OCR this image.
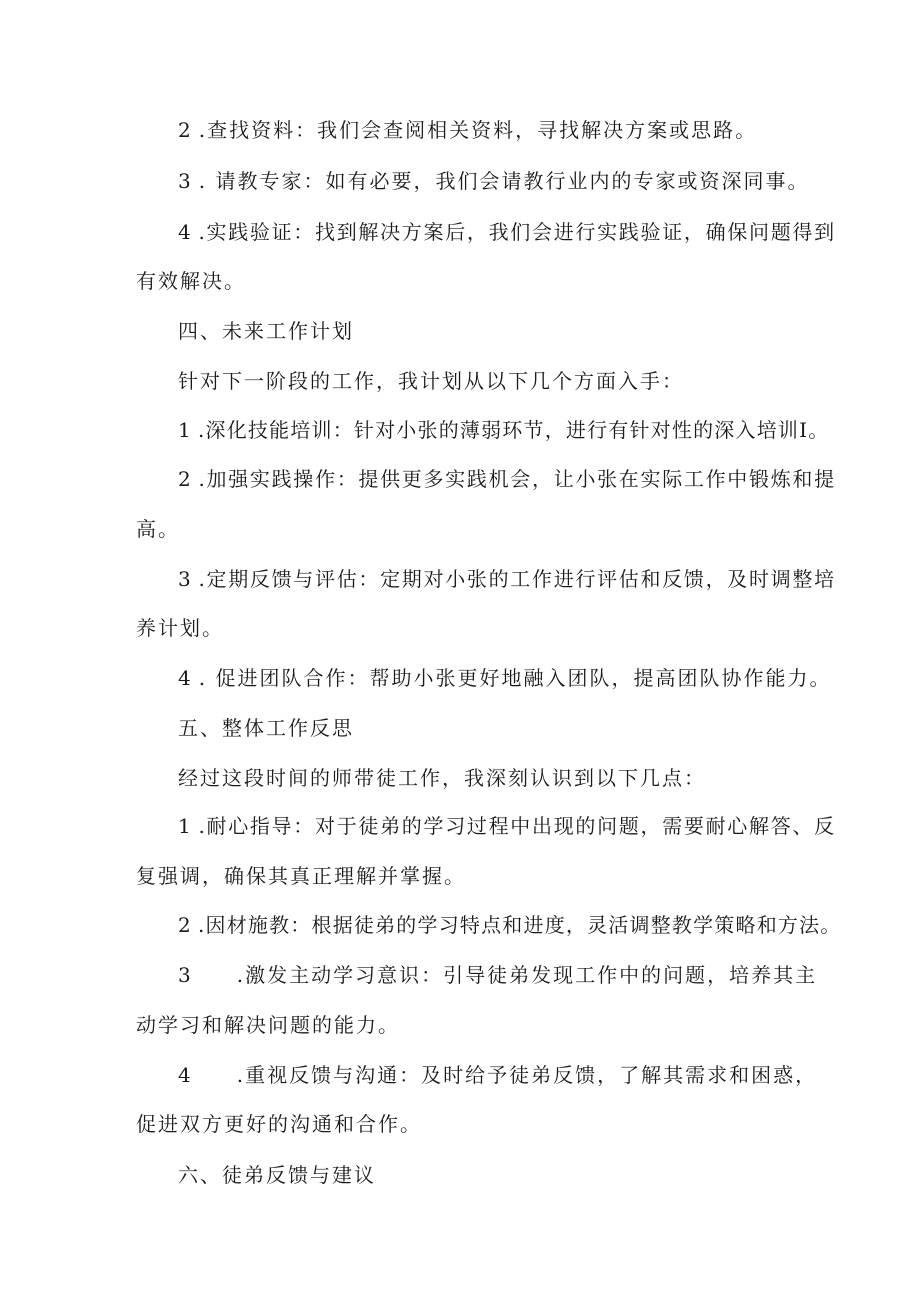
2 .查找资料：我们会查阅相关资料，寻找解决方案或思路。
3 . 请教专家：如有必要，我们会请教行业内的专家或资深同事。
4 .实践验证：找到解决方案后，我们会进行实践验证，确保问题得到
有效解决。
四、未来工作计划
针对下一阶段的工作，我计划从以下几个方面入手：
1 .深化技能培训：针对小张的薄弱环节，进行有针对性的深入培训I。
2 .加强实践操作：提供更多实践机会，让小张在实际工作中锻炼和提
高。
3 .定期反馈与评估：定期对小张的工作进行评估和反馈，及时调整培
养计划。
4 . 促进团队合作：帮助小张更好地融入团队，提高团队协作能力。
五、整体工作反思
经过这段时间的师带徒工作，我深刻认识到以下几点：
1 .耐心指导：对于徒弟的学习过程中出现的问题，需要耐心解答、反
复强调，确保其真正理解并掌握。
2 .因材施教：根据徒弟的学习特点和进度，灵活调整教学策略和方法。
3 .激发主动学习意识：引导徒弟发现工作中的问题，培养其主
动学习和解决问题的能力。
4 .重视反馈与沟通：及时给予徒弟反馈，了解其需求和困惑，
促进双方更好的沟通和合作。
六、徒弟反馈与建议
